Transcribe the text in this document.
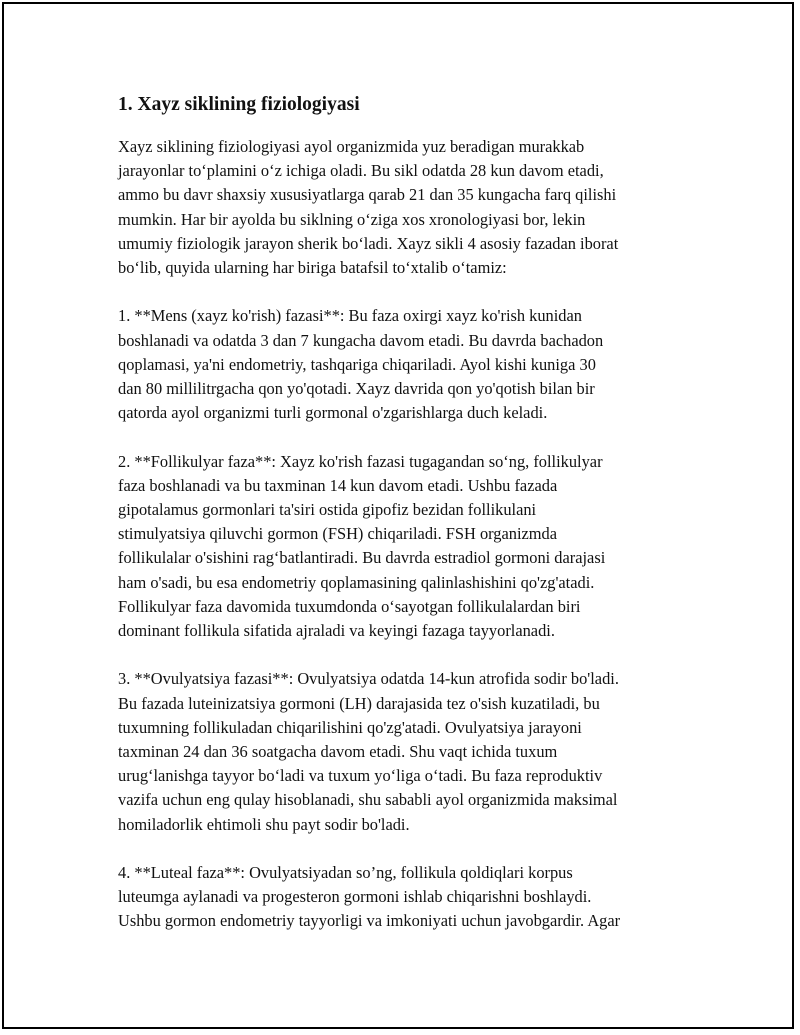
1. Xayz siklining fiziologiyasi

Xayz siklining fiziologiyasi ayol organizmida yuz beradigan murakkab
jarayonlar to‘plamini o‘z ichiga oladi. Bu sikl odatda 28 kun davom etadi,
ammo bu davr shaxsiy xususiyatlarga qarab 21 dan 35 kungacha farq qilishi
mumkin. Har bir ayolda bu siklning o‘ziga xos xronologiyasi bor, lekin
umumiy fiziologik jarayon sherik bo‘ladi. Xayz sikli 4 asosiy fazadan iborat
bo‘lib, quyida ularning har biriga batafsil to‘xtalib o‘tamiz:

1. **Mens (xayz ko'rish) fazasi**: Bu faza oxirgi xayz ko'rish kunidan
boshlanadi va odatda 3 dan 7 kungacha davom etadi. Bu davrda bachadon
qoplamasi, ya'ni endometriy, tashqariga chiqariladi. Ayol kishi kuniga 30
dan 80 millilitrgacha qon yo'qotadi. Xayz davrida qon yo'qotish bilan bir
qatorda ayol organizmi turli gormonal o'zgarishlarga duch keladi.

2. **Follikulyar faza**: Xayz ko'rish fazasi tugagandan so‘ng, follikulyar
faza boshlanadi va bu taxminan 14 kun davom etadi. Ushbu fazada
gipotalamus gormonlari ta'siri ostida gipofiz bezidan follikulani
stimulyatsiya qiluvchi gormon (FSH) chiqariladi. FSH organizmda
follikulalar o'sishini rag‘batlantiradi. Bu davrda estradiol gormoni darajasi
ham o'sadi, bu esa endometriy qoplamasining qalinlashishini qo'zg'atadi.
Follikulyar faza davomida tuxumdonda o‘sayotgan follikulalardan biri
dominant follikula sifatida ajraladi va keyingi fazaga tayyorlanadi.

3. **Ovulyatsiya fazasi**: Ovulyatsiya odatda 14-kun atrofida sodir bo'ladi.
Bu fazada luteinizatsiya gormoni (LH) darajasida tez o'sish kuzatiladi, bu
tuxumning follikuladan chiqarilishini qo'zg'atadi. Ovulyatsiya jarayoni
taxminan 24 dan 36 soatgacha davom etadi. Shu vaqt ichida tuxum
urug‘lanishga tayyor bo‘ladi va tuxum yo‘liga o‘tadi. Bu faza reproduktiv
vazifa uchun eng qulay hisoblanadi, shu sababli ayol organizmida maksimal
homiladorlik ehtimoli shu payt sodir bo'ladi.

4. **Luteal faza**: Ovulyatsiyadan so’ng, follikula qoldiqlari korpus
luteumga aylanadi va progesteron gormoni ishlab chiqarishni boshlaydi.
Ushbu gormon endometriy tayyorligi va imkoniyati uchun javobgardir. Agar
